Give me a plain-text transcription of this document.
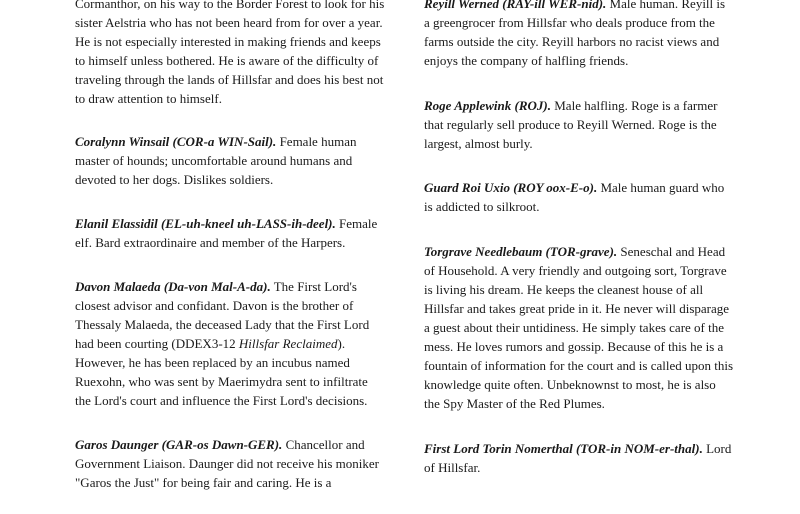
Cormanthor, on his way to the Border Forest to look for his sister Aelstria who has not been heard from for over a year. He is not especially interested in making friends and keeps to himself unless bothered. He is aware of the difficulty of traveling through the lands of Hillsfar and does his best not to draw attention to himself.

Coralynn Winsail (COR-a WIN-Sail). Female human master of hounds; uncomfortable around humans and devoted to her dogs. Dislikes soldiers.

Elanil Elassidil (EL-uh-kneel uh-LASS-ih-deel). Female elf. Bard extraordinaire and member of the Harpers.

Davon Malaeda (Da-von Mal-A-da). The First Lord's closest advisor and confidant. Davon is the brother of Thessaly Malaeda, the deceased Lady that the First Lord had been courting (DDEX3-12 Hillsfar Reclaimed). However, he has been replaced by an incubus named Ruexohn, who was sent by Maerimydra sent to infiltrate the Lord's court and influence the First Lord's decisions.

Garos Daunger (GAR-os Dawn-GER). Chancellor and Government Liaison. Daunger did not receive his moniker "Garos the Just" for being fair and caring. He is a

Reyill Werned (RAY-ill WER-nid). Male human. Reyill is a greengrocer from Hillsfar who deals produce from the farms outside the city. Reyill harbors no racist views and enjoys the company of halfling friends.

Roge Applewink (ROJ). Male halfling. Roge is a farmer that regularly sell produce to Reyill Werned. Roge is the largest, almost burly.

Guard Roi Uxio (ROY oox-E-o). Male human guard who is addicted to silkroot.

Torgrave Needlebaum (TOR-grave). Seneschal and Head of Household. A very friendly and outgoing sort, Torgrave is living his dream. He keeps the cleanest house of all Hillsfar and takes great pride in it. He never will disparage a guest about their untidiness. He simply takes care of the mess. He loves rumors and gossip. Because of this he is a fountain of information for the court and is called upon this knowledge quite often. Unbeknownst to most, he is also the Spy Master of the Red Plumes.

First Lord Torin Nomerthal (TOR-in NOM-er-thal). Lord of Hillsfar.
